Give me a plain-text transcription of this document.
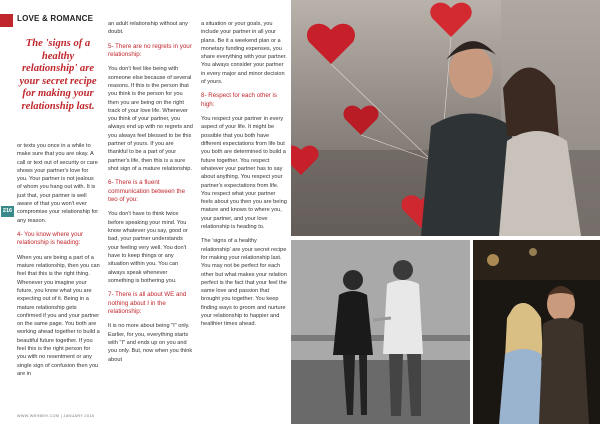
LOVE & ROMANCE
The 'signs of a healthy relationship' are your secret recipe for making your relationship last.
216

or texts you once in a while to make sure that you are okay. A call or text out of security or care shows your partner's love for you. Your partner is not jealous of whom you hang out with. It is just that, your partner is well aware of that you won't ever compromise your relationship for any reason.

4- You know where your relationship is heading:

When you are being a part of a mature relationship, then you can feel that this is the right thing. Whenever you imagine your future, you know what you are expecting out of it. Being in a mature relationship gets confirmed if you and your partner on the same page. You both are working ahead together to build a beautiful future together. If you feel this is the right person for you with no resentment or any single sign of confusion then you are in

an adult relationship without any doubt.

5- There are no regrets in your relationship:

You don't feel like being with someone else because of several reasons. If this is the person that you think is the person for you then you are being on the right track of your love life. Whenever you think of your partner, you always end up with no regrets and you always feel blessed to be this partner of yours. If you are thankful to be a part of your partner's life, then this is a sure shot sign of a mature relationship.

6- There is a fluent communication between the two of you:

You don't have to think twice before speaking your mind. You know whatever you say, good or bad, your partner understands your feeling very well. You don't have to keep things or any situation within you. You can always speak whenever something is bothering you.

7- There is all about WE and nothing about I in the relationship:

It is no more about being "I" only. Earlier, for you, everything starts with "I" and ends up on you and you only. But, now when you think about

a situation or your goals, you include your partner in all your plans. Be it a weekend plan or a monetary funding expenses, you share everything with your partner. You always consider your partner in every major and minor decision of yours.

8- Respect for each other is high:

You respect your partner in every aspect of your life. It might be possible that you both have different expectations from life but you both are determined to build a future together. You respect whatever your partner has to say about anything. You respect your partner's expectations from life. You respect what your partner feels about you then you are being mature and knows to where you, your partner, and your love relationship is heading to.

The 'signs of a healthy relationship' are your secret recipe for making your relationship last. You may not be perfect for each other but what makes your relation perfect is the fact that your feel the same love and passion that brought you together. You keep finding ways to groom and nurture your relationship to happier and healthier times ahead.

WWW.WEHBEH.COM | JANUARY 2018
